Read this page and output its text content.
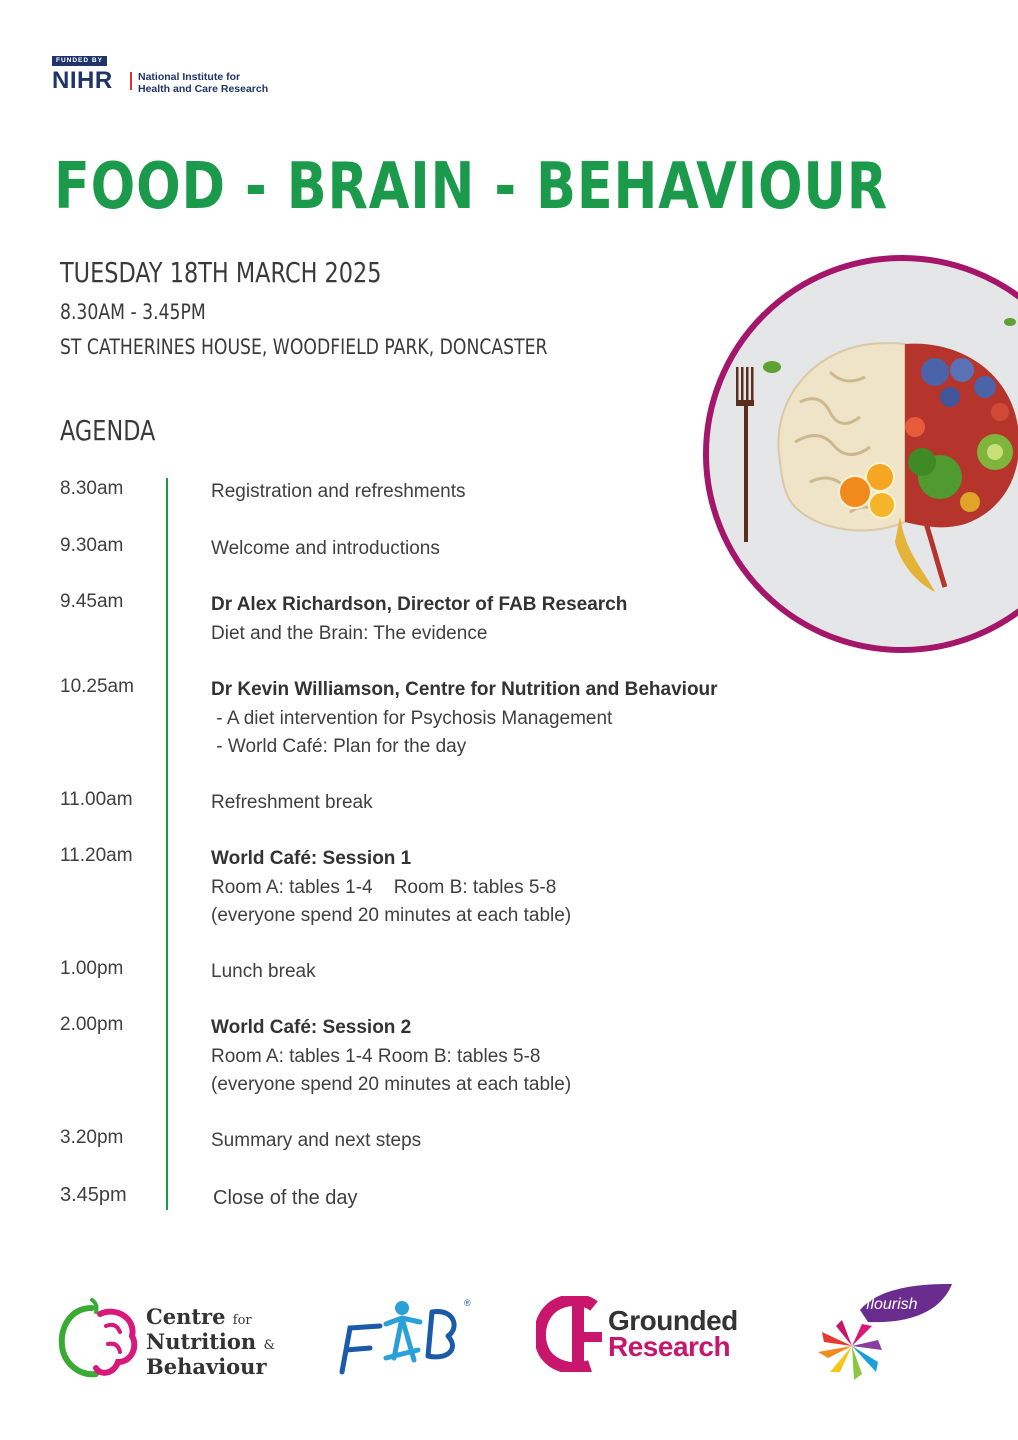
FUNDED BY
NIHR National Institute for
Health and Care Research
FOOD - BRAIN - BEHAVIOUR
TUESDAY 18TH MARCH 2025
8.30AM - 3.45PM
ST CATHERINES HOUSE, WOODFIELD PARK, DONCASTER
AGENDA
8.30am	Registration and refreshments
9.30am	Welcome and introductions
9.45am	Dr Alex Richardson, Director of FAB Research
Diet and the Brain: The evidence
10.25am	Dr Kevin Williamson, Centre for Nutrition and Behaviour
- A diet intervention for Psychosis Management
- World Café: Plan for the day
11.00am	Refreshment break
11.20am	World Café: Session 1
Room A: tables 1-4    Room B: tables 5-8
(everyone spend 20 minutes at each table)
1.00pm	Lunch break
2.00pm	World Café: Session 2
Room A: tables 1-4 Room B: tables 5-8
(everyone spend 20 minutes at each table)
3.20pm	Summary and next steps
3.45pm	Close of the day
Centre for
Nutrition &
Behaviour
®
Grounded
Research
flourish
